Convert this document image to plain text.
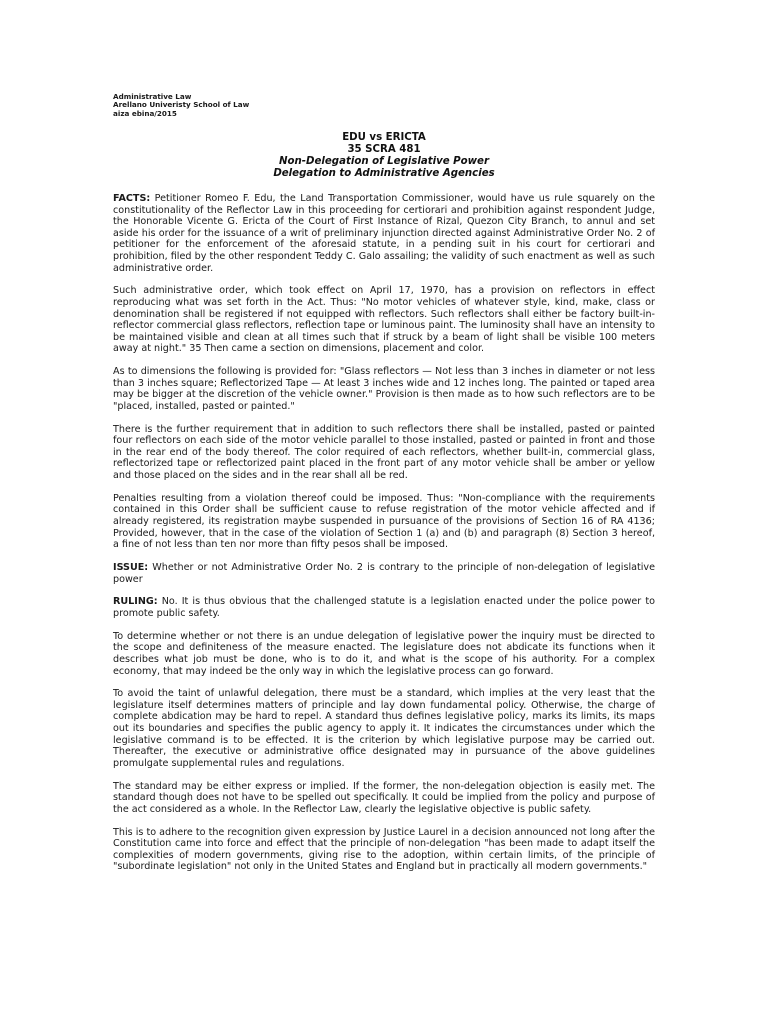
Administrative Law
Arellano Univeristy School of Law
aiza ebina/2015
EDU vs ERICTA
35 SCRA 481
Non-Delegation of Legislative Power
Delegation to Administrative Agencies

FACTS: Petitioner Romeo F. Edu, the Land Transportation Commissioner, would have us rule squarely on the constitutionality of the Reflector Law in this proceeding for certiorari and prohibition against respondent Judge, the Honorable Vicente G. Ericta of the Court of First Instance of Rizal, Quezon City Branch, to annul and set aside his order for the issuance of a writ of preliminary injunction directed against Administrative Order No. 2 of petitioner for the enforcement of the aforesaid statute, in a pending suit in his court for certiorari and prohibition, filed by the other respondent Teddy C. Galo assailing; the validity of such enactment as well as such administrative order.

Such administrative order, which took effect on April 17, 1970, has a provision on reflectors in effect reproducing what was set forth in the Act. Thus: "No motor vehicles of whatever style, kind, make, class or denomination shall be registered if not equipped with reflectors. Such reflectors shall either be factory built-in-reflector commercial glass reflectors, reflection tape or luminous paint. The luminosity shall have an intensity to be maintained visible and clean at all times such that if struck by a beam of light shall be visible 100 meters away at night." 35 Then came a section on dimensions, placement and color.

As to dimensions the following is provided for: "Glass reflectors — Not less than 3 inches in diameter or not less than 3 inches square; Reflectorized Tape — At least 3 inches wide and 12 inches long. The painted or taped area may be bigger at the discretion of the vehicle owner." Provision is then made as to how such reflectors are to be "placed, installed, pasted or painted."

There is the further requirement that in addition to such reflectors there shall be installed, pasted or painted four reflectors on each side of the motor vehicle parallel to those installed, pasted or painted in front and those in the rear end of the body thereof. The color required of each reflectors, whether built-in, commercial glass, reflectorized tape or reflectorized paint placed in the front part of any motor vehicle shall be amber or yellow and those placed on the sides and in the rear shall all be red.

Penalties resulting from a violation thereof could be imposed. Thus: "Non-compliance with the requirements contained in this Order shall be sufficient cause to refuse registration of the motor vehicle affected and if already registered, its registration maybe suspended in pursuance of the provisions of Section 16 of RA 4136; Provided, however, that in the case of the violation of Section 1 (a) and (b) and paragraph (8) Section 3 hereof, a fine of not less than ten nor more than fifty pesos shall be imposed.

ISSUE: Whether or not Administrative Order No. 2 is contrary to the principle of non-delegation of legislative power

RULING: No. It is thus obvious that the challenged statute is a legislation enacted under the police power to promote public safety.

To determine whether or not there is an undue delegation of legislative power the inquiry must be directed to the scope and definiteness of the measure enacted. The legislature does not abdicate its functions when it describes what job must be done, who is to do it, and what is the scope of his authority. For a complex economy, that may indeed be the only way in which the legislative process can go forward.

To avoid the taint of unlawful delegation, there must be a standard, which implies at the very least that the legislature itself determines matters of principle and lay down fundamental policy. Otherwise, the charge of complete abdication may be hard to repel. A standard thus defines legislative policy, marks its limits, its maps out its boundaries and specifies the public agency to apply it. It indicates the circumstances under which the legislative command is to be effected. It is the criterion by which legislative purpose may be carried out. Thereafter, the executive or administrative office designated may in pursuance of the above guidelines promulgate supplemental rules and regulations.

The standard may be either express or implied. If the former, the non-delegation objection is easily met. The standard though does not have to be spelled out specifically. It could be implied from the policy and purpose of the act considered as a whole. In the Reflector Law, clearly the legislative objective is public safety.

This is to adhere to the recognition given expression by Justice Laurel in a decision announced not long after the Constitution came into force and effect that the principle of non-delegation "has been made to adapt itself the complexities of modern governments, giving rise to the adoption, within certain limits, of the principle of "subordinate legislation" not only in the United States and England but in practically all modern governments."
